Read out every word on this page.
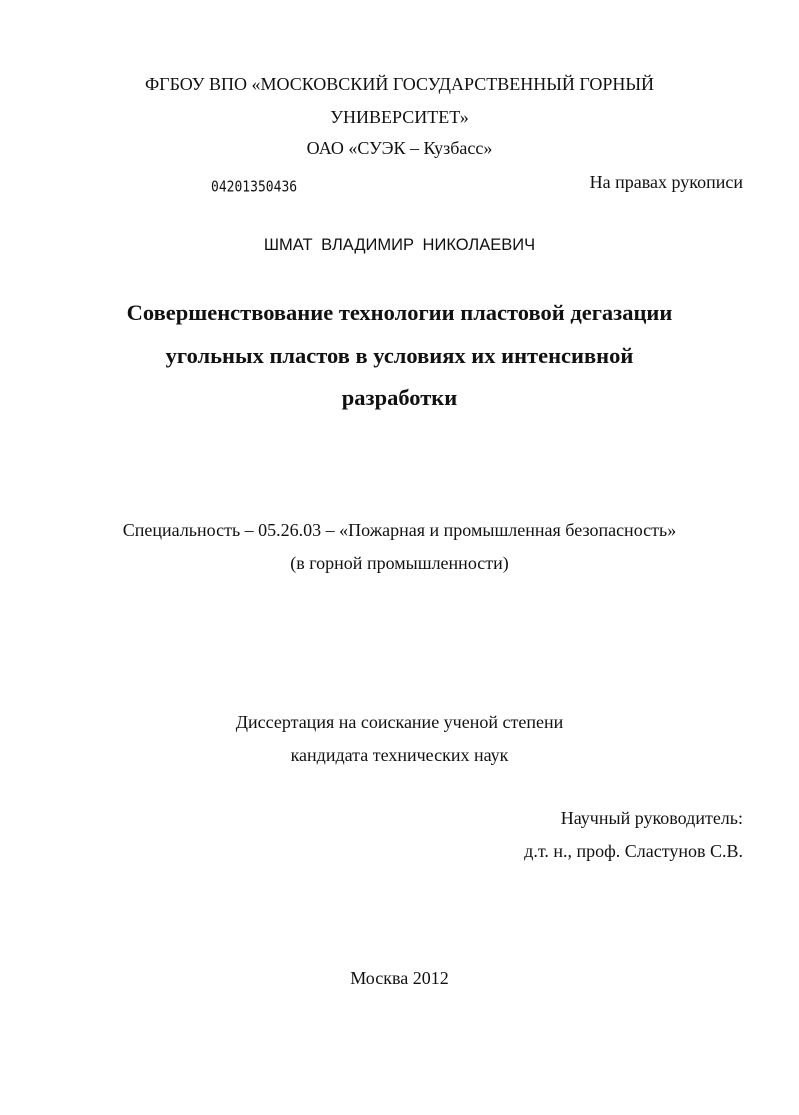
ФГБОУ ВПО «МОСКОВСКИЙ ГОСУДАРСТВЕННЫЙ ГОРНЫЙ
УНИВЕРСИТЕТ»
ОАО «СУЭК – Кузбасс»
04201350436	На правах рукописи
ШМАТ ВЛАДИМИР НИКОЛАЕВИЧ
Совершенствование технологии пластовой дегазации
угольных пластов в условиях их интенсивной
разработки
Специальность – 05.26.03 – «Пожарная и промышленная безопасность»
(в горной промышленности)
Диссертация на соискание ученой степени
кандидата технических наук
Научный руководитель:
д.т. н., проф. Сластунов С.В.
Москва 2012
